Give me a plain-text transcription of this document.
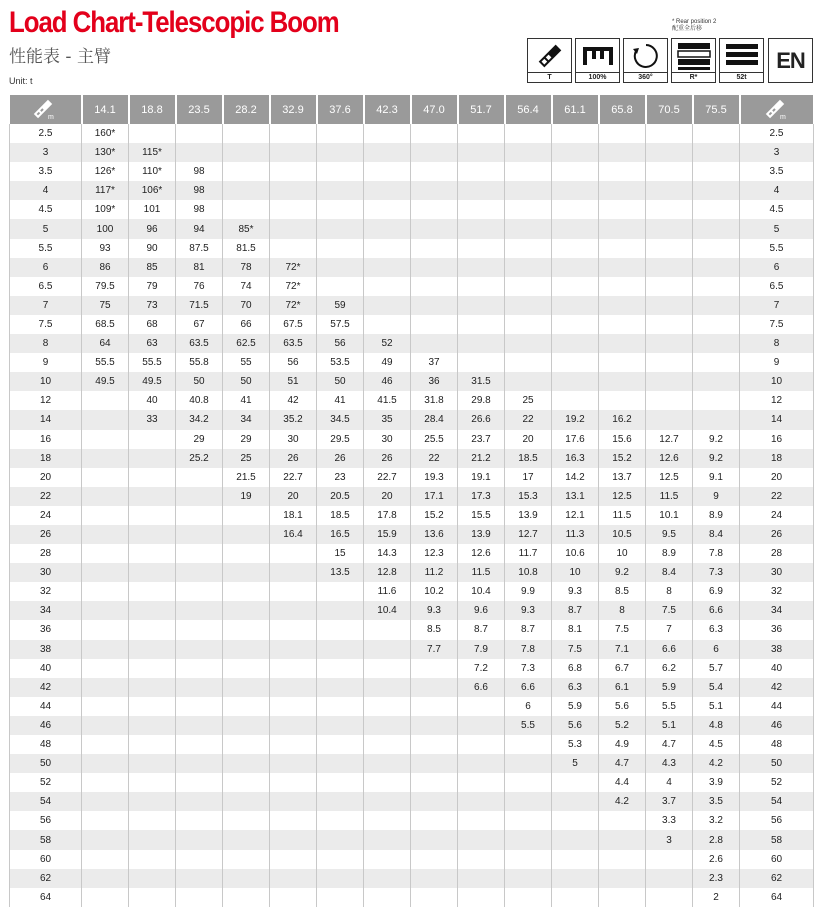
Load Chart-Telescopic Boom
性能表 - 主臂
Unit: t
* Rear position 2
配重全后移
T	100%	360°	R*	52t
EN
m	14.1	18.8	23.5	28.2	32.9	37.6	42.3	47.0	51.7	56.4	61.1	65.8	70.5	75.5	m

2.5	160*														2.5
3	130*	115*													3
3.5	126*	110*	98												3.5
4	117*	106*	98												4
4.5	109*	101	98												4.5
5	100	96	94	85*											5
5.5	93	90	87.5	81.5											5.5
6	86	85	81	78	72*										6
6.5	79.5	79	76	74	72*										6.5
7	75	73	71.5	70	72*	59									7
7.5	68.5	68	67	66	67.5	57.5									7.5
8	64	63	63.5	62.5	63.5	56	52								8
9	55.5	55.5	55.8	55	56	53.5	49	37							9
10	49.5	49.5	50	50	51	50	46	36	31.5						10
12		40	40.8	41	42	41	41.5	31.8	29.8	25					12
14		33	34.2	34	35.2	34.5	35	28.4	26.6	22	19.2	16.2			14
16			29	29	30	29.5	30	25.5	23.7	20	17.6	15.6	12.7	9.2	16
18			25.2	25	26	26	26	22	21.2	18.5	16.3	15.2	12.6	9.2	18
20				21.5	22.7	23	22.7	19.3	19.1	17	14.2	13.7	12.5	9.1	20
22				19	20	20.5	20	17.1	17.3	15.3	13.1	12.5	11.5	9	22
24					18.1	18.5	17.8	15.2	15.5	13.9	12.1	11.5	10.1	8.9	24
26					16.4	16.5	15.9	13.6	13.9	12.7	11.3	10.5	9.5	8.4	26
28						15	14.3	12.3	12.6	11.7	10.6	10	8.9	7.8	28
30						13.5	12.8	11.2	11.5	10.8	10	9.2	8.4	7.3	30
32							11.6	10.2	10.4	9.9	9.3	8.5	8	6.9	32
34							10.4	9.3	9.6	9.3	8.7	8	7.5	6.6	34
36								8.5	8.7	8.7	8.1	7.5	7	6.3	36
38								7.7	7.9	7.8	7.5	7.1	6.6	6	38
40									7.2	7.3	6.8	6.7	6.2	5.7	40
42									6.6	6.6	6.3	6.1	5.9	5.4	42
44										6	5.9	5.6	5.5	5.1	44
46										5.5	5.6	5.2	5.1	4.8	46
48											5.3	4.9	4.7	4.5	48
50											5	4.7	4.3	4.2	50
52												4.4	4	3.9	52
54												4.2	3.7	3.5	54
56													3.3	3.2	56
58													3	2.8	58
60														2.6	60
62														2.3	62
64														2	64
